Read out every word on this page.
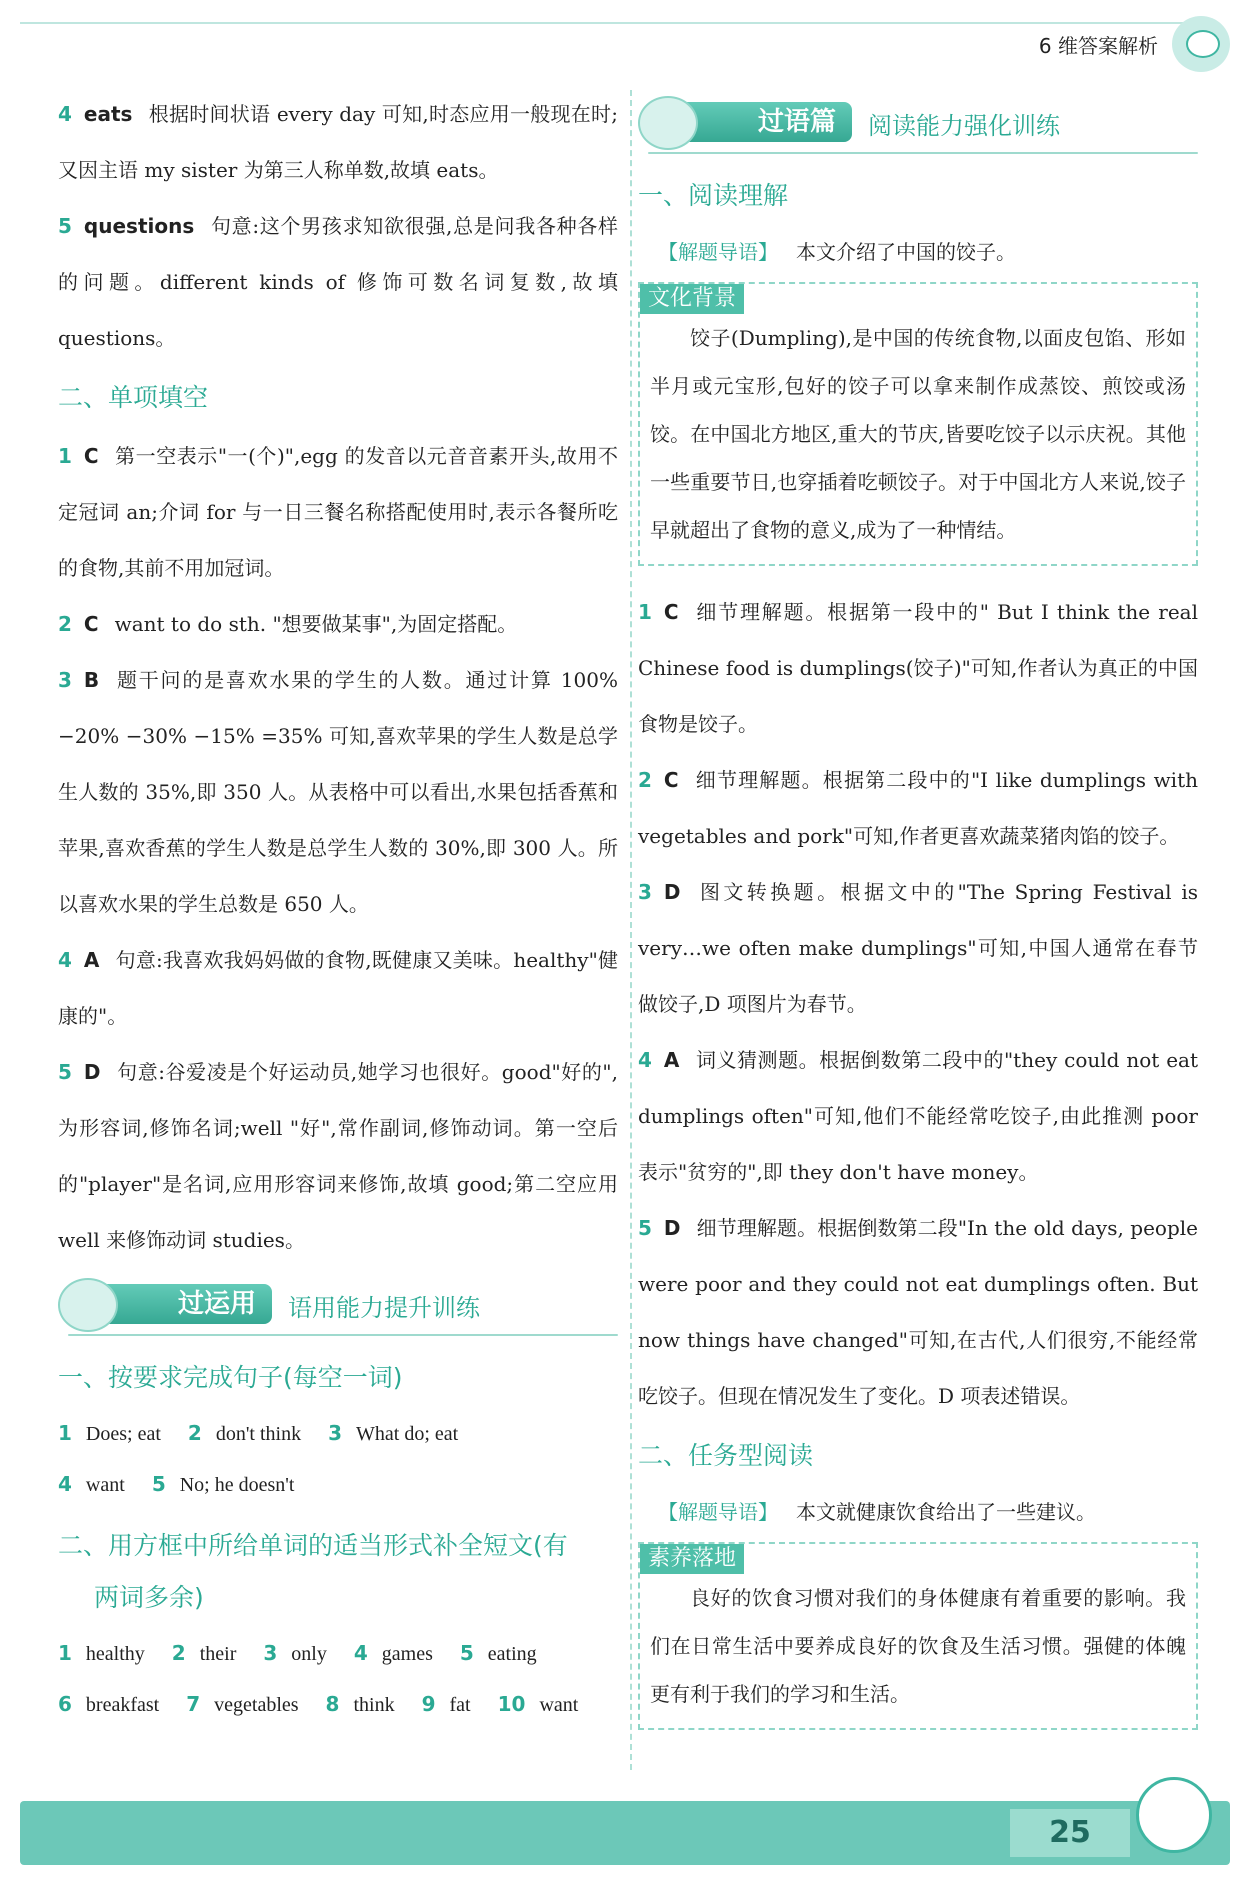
6 维答案解析

4 eats 根据时间状语 every day 可知,时态应用一般现在时;又因主语 my sister 为第三人称单数,故填 eats。

5 questions 句意:这个男孩求知欲很强,总是问我各种各样的问题。different kinds of 修饰可数名词复数,故填 questions。

二、单项填空

1 C 第一空表示"一(个)",egg 的发音以元音音素开头,故用不定冠词 an;介词 for 与一日三餐名称搭配使用时,表示各餐所吃的食物,其前不用加冠词。

2 C want to do sth. "想要做某事",为固定搭配。

3 B 题干问的是喜欢水果的学生的人数。通过计算 100% −20% −30% −15% =35% 可知,喜欢苹果的学生人数是总学生人数的 35%,即 350 人。从表格中可以看出,水果包括香蕉和苹果,喜欢香蕉的学生人数是总学生人数的 30%,即 300 人。所以喜欢水果的学生总数是 650 人。

4 A 句意:我喜欢我妈妈做的食物,既健康又美味。healthy"健康的"。

5 D 句意:谷爱凌是个好运动员,她学习也很好。good"好的",为形容词,修饰名词;well "好",常作副词,修饰动词。第一空后的"player"是名词,应用形容词来修饰,故填 good;第二空应用 well 来修饰动词 studies。

过运用	语用能力提升训练
一、按要求完成句子(每空一词)
1 Does; eat 2 don't think 3 What do; eat
4 want 5 No; he doesn't
二、用方框中所给单词的适当形式补全短文(有
两词多余)
1 healthy 2 their 3 only 4 games 5 eating
6 breakfast 7 vegetables 8 think 9 fat 10 want
过语篇	阅读能力强化训练
一、阅读理解

【解题导语】 本文介绍了中国的饺子。

文化背景

饺子(Dumpling),是中国的传统食物,以面皮包馅、形如半月或元宝形,包好的饺子可以拿来制作成蒸饺、煎饺或汤饺。在中国北方地区,重大的节庆,皆要吃饺子以示庆祝。其他一些重要节日,也穿插着吃顿饺子。对于中国北方人来说,饺子早就超出了食物的意义,成为了一种情结。

1 C 细节理解题。根据第一段中的" But I think the real Chinese food is dumplings(饺子)"可知,作者认为真正的中国食物是饺子。

2 C 细节理解题。根据第二段中的"I like dumplings with vegetables and pork"可知,作者更喜欢蔬菜猪肉馅的饺子。

3 D 图文转换题。根据文中的"The Spring Festival is very…we often make dumplings"可知,中国人通常在春节做饺子,D 项图片为春节。

4 A 词义猜测题。根据倒数第二段中的"they could not eat dumplings often"可知,他们不能经常吃饺子,由此推测 poor 表示"贫穷的",即 they don't have money。

5 D 细节理解题。根据倒数第二段"In the old days, people were poor and they could not eat dumplings often. But now things have changed"可知,在古代,人们很穷,不能经常吃饺子。但现在情况发生了变化。D 项表述错误。

二、任务型阅读

【解题导语】 本文就健康饮食给出了一些建议。

素养落地

良好的饮食习惯对我们的身体健康有着重要的影响。我们在日常生活中要养成良好的饮食及生活习惯。强健的体魄更有利于我们的学习和生活。

25
